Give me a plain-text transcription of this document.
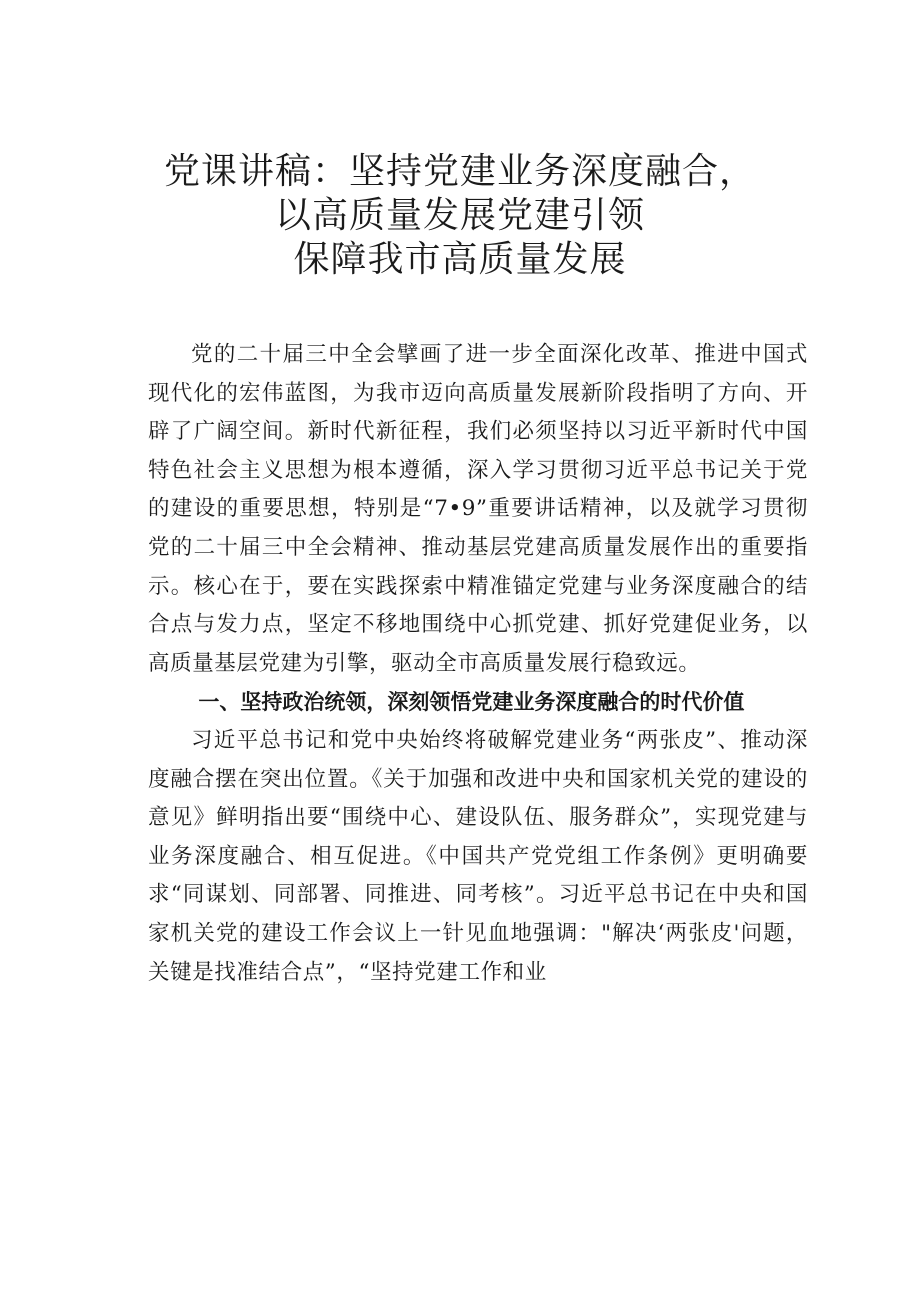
党课讲稿：坚持党建业务深度融合，
以高质量发展党建引领
保障我市高质量发展

党的二十届三中全会擘画了进一步全面深化改革、推进中国式现代化的宏伟蓝图，为我市迈向高质量发展新阶段指明了方向、开辟了广阔空间。新时代新征程，我们必须坚持以习近平新时代中国特色社会主义思想为根本遵循，深入学习贯彻习近平总书记关于党的建设的重要思想，特别是“7•9”重要讲话精神，以及就学习贯彻党的二十届三中全会精神、推动基层党建高质量发展作出的重要指示。核心在于，要在实践探索中精准锚定党建与业务深度融合的结合点与发力点，坚定不移地围绕中心抓党建、抓好党建促业务，以高质量基层党建为引擎，驱动全市高质量发展行稳致远。

一、坚持政治统领，深刻领悟党建业务深度融合的时代价值

习近平总书记和党中央始终将破解党建业务“两张皮”、推动深度融合摆在突出位置。《关于加强和改进中央和国家机关党的建设的意见》鲜明指出要“围绕中心、建设队伍、服务群众”，实现党建与业务深度融合、相互促进。《中国共产党党组工作条例》更明确要求“同谋划、同部署、同推进、同考核”。习近平总书记在中央和国家机关党的建设工作会议上一针见血地强调："解决‘两张皮'问题，关键是找准结合点”，“坚持党建工作和业
